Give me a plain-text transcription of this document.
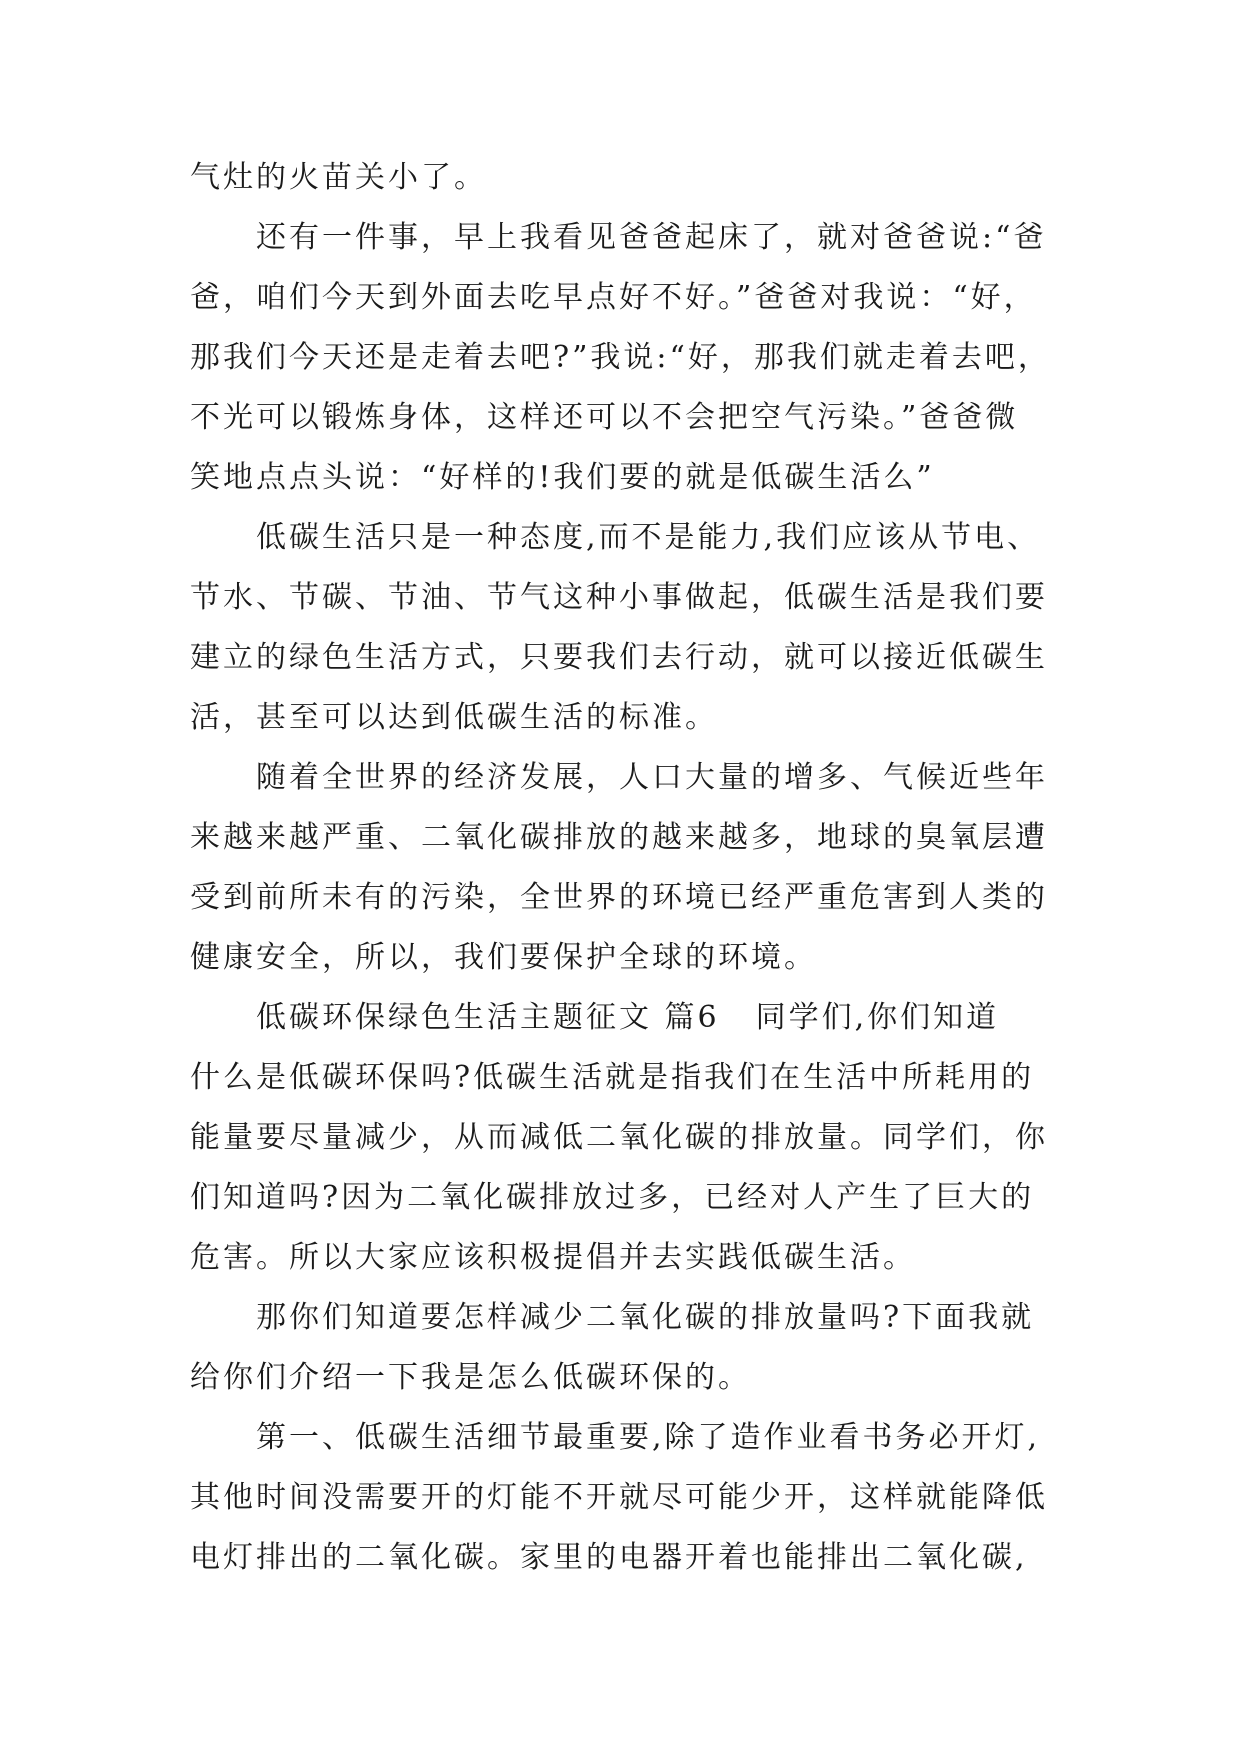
气灶的火苗关小了。
还有一件事，早上我看见爸爸起床了，就对爸爸说:“爸
爸，咱们今天到外面去吃早点好不好。”爸爸对我说：“好，
那我们今天还是走着去吧?”我说:“好，那我们就走着去吧，
不光可以锻炼身体，这样还可以不会把空气污染。”爸爸微
笑地点点头说：“好样的!我们要的就是低碳生活么”
低碳生活只是一种态度,而不是能力,我们应该从节电、
节水、节碳、节油、节气这种小事做起，低碳生活是我们要
建立的绿色生活方式，只要我们去行动，就可以接近低碳生
活，甚至可以达到低碳生活的标准。
随着全世界的经济发展，人口大量的增多、气候近些年
来越来越严重、二氧化碳排放的越来越多，地球的臭氧层遭
受到前所未有的污染，全世界的环境已经严重危害到人类的
健康安全，所以，我们要保护全球的环境。
低碳环保绿色生活主题征文 篇6 同学们,你们知道
什么是低碳环保吗?低碳生活就是指我们在生活中所耗用的
能量要尽量减少，从而减低二氧化碳的排放量。同学们，你
们知道吗?因为二氧化碳排放过多，已经对人产生了巨大的
危害。所以大家应该积极提倡并去实践低碳生活。
那你们知道要怎样减少二氧化碳的排放量吗?下面我就
给你们介绍一下我是怎么低碳环保的。
第一、低碳生活细节最重要,除了造作业看书务必开灯,
其他时间没需要开的灯能不开就尽可能少开，这样就能降低
电灯排出的二氧化碳。家里的电器开着也能排出二氧化碳,
